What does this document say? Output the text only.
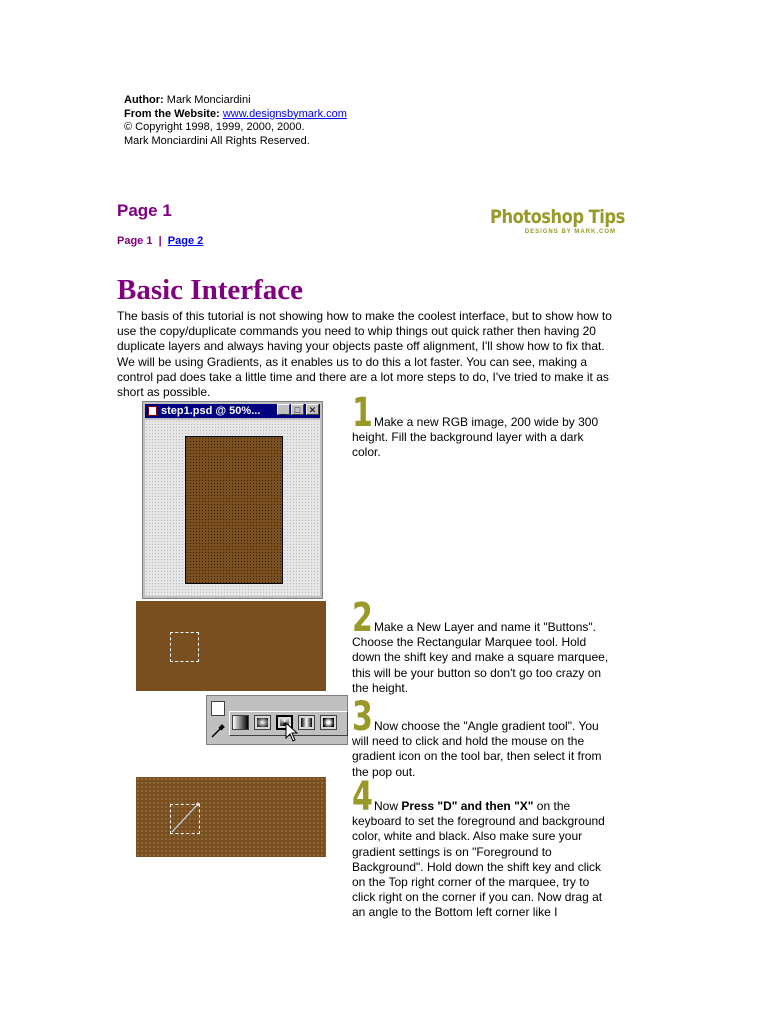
Author: Mark Monciardini
From the Website: www.designsbymark.com
© Copyright 1998, 1999, 2000, 2000.
Mark Monciardini All Rights Reserved.
Page 1
Page 1 | Page 2
Photoshop Tips
DESIGNS BY MARK.COM
Basic Interface
The basis of this tutorial is not showing how to make the coolest interface, but to show how to use the copy/duplicate commands you need to whip things out quick rather then having 20 duplicate layers and always having your objects paste off alignment, I'll show how to fix that. We will be using Gradients, as it enables us to do this a lot faster. You can see, making a control pad does take a little time and there are a lot more steps to do, I've tried to make it as short as possible.
step1.psd @ 50%...	_ □ ✕ 1 Make a new RGB image, 200 wide by 300 height. Fill the background layer with a dark color.
2 Make a New Layer and name it "Buttons". Choose the Rectangular Marquee tool. Hold down the shift key and make a square marquee, this will be your button so don't go too crazy on the height.
3 Now choose the "Angle gradient tool". You will need to click and hold the mouse on the gradient icon on the tool bar, then select it from the pop out.
4 Now Press "D" and then "X" on the keyboard to set the foreground and background color, white and black. Also make sure your gradient settings is on "Foreground to Background". Hold down the shift key and click on the Top right corner of the marquee, try to click right on the corner if you can. Now drag at an angle to the Bottom left corner like I
